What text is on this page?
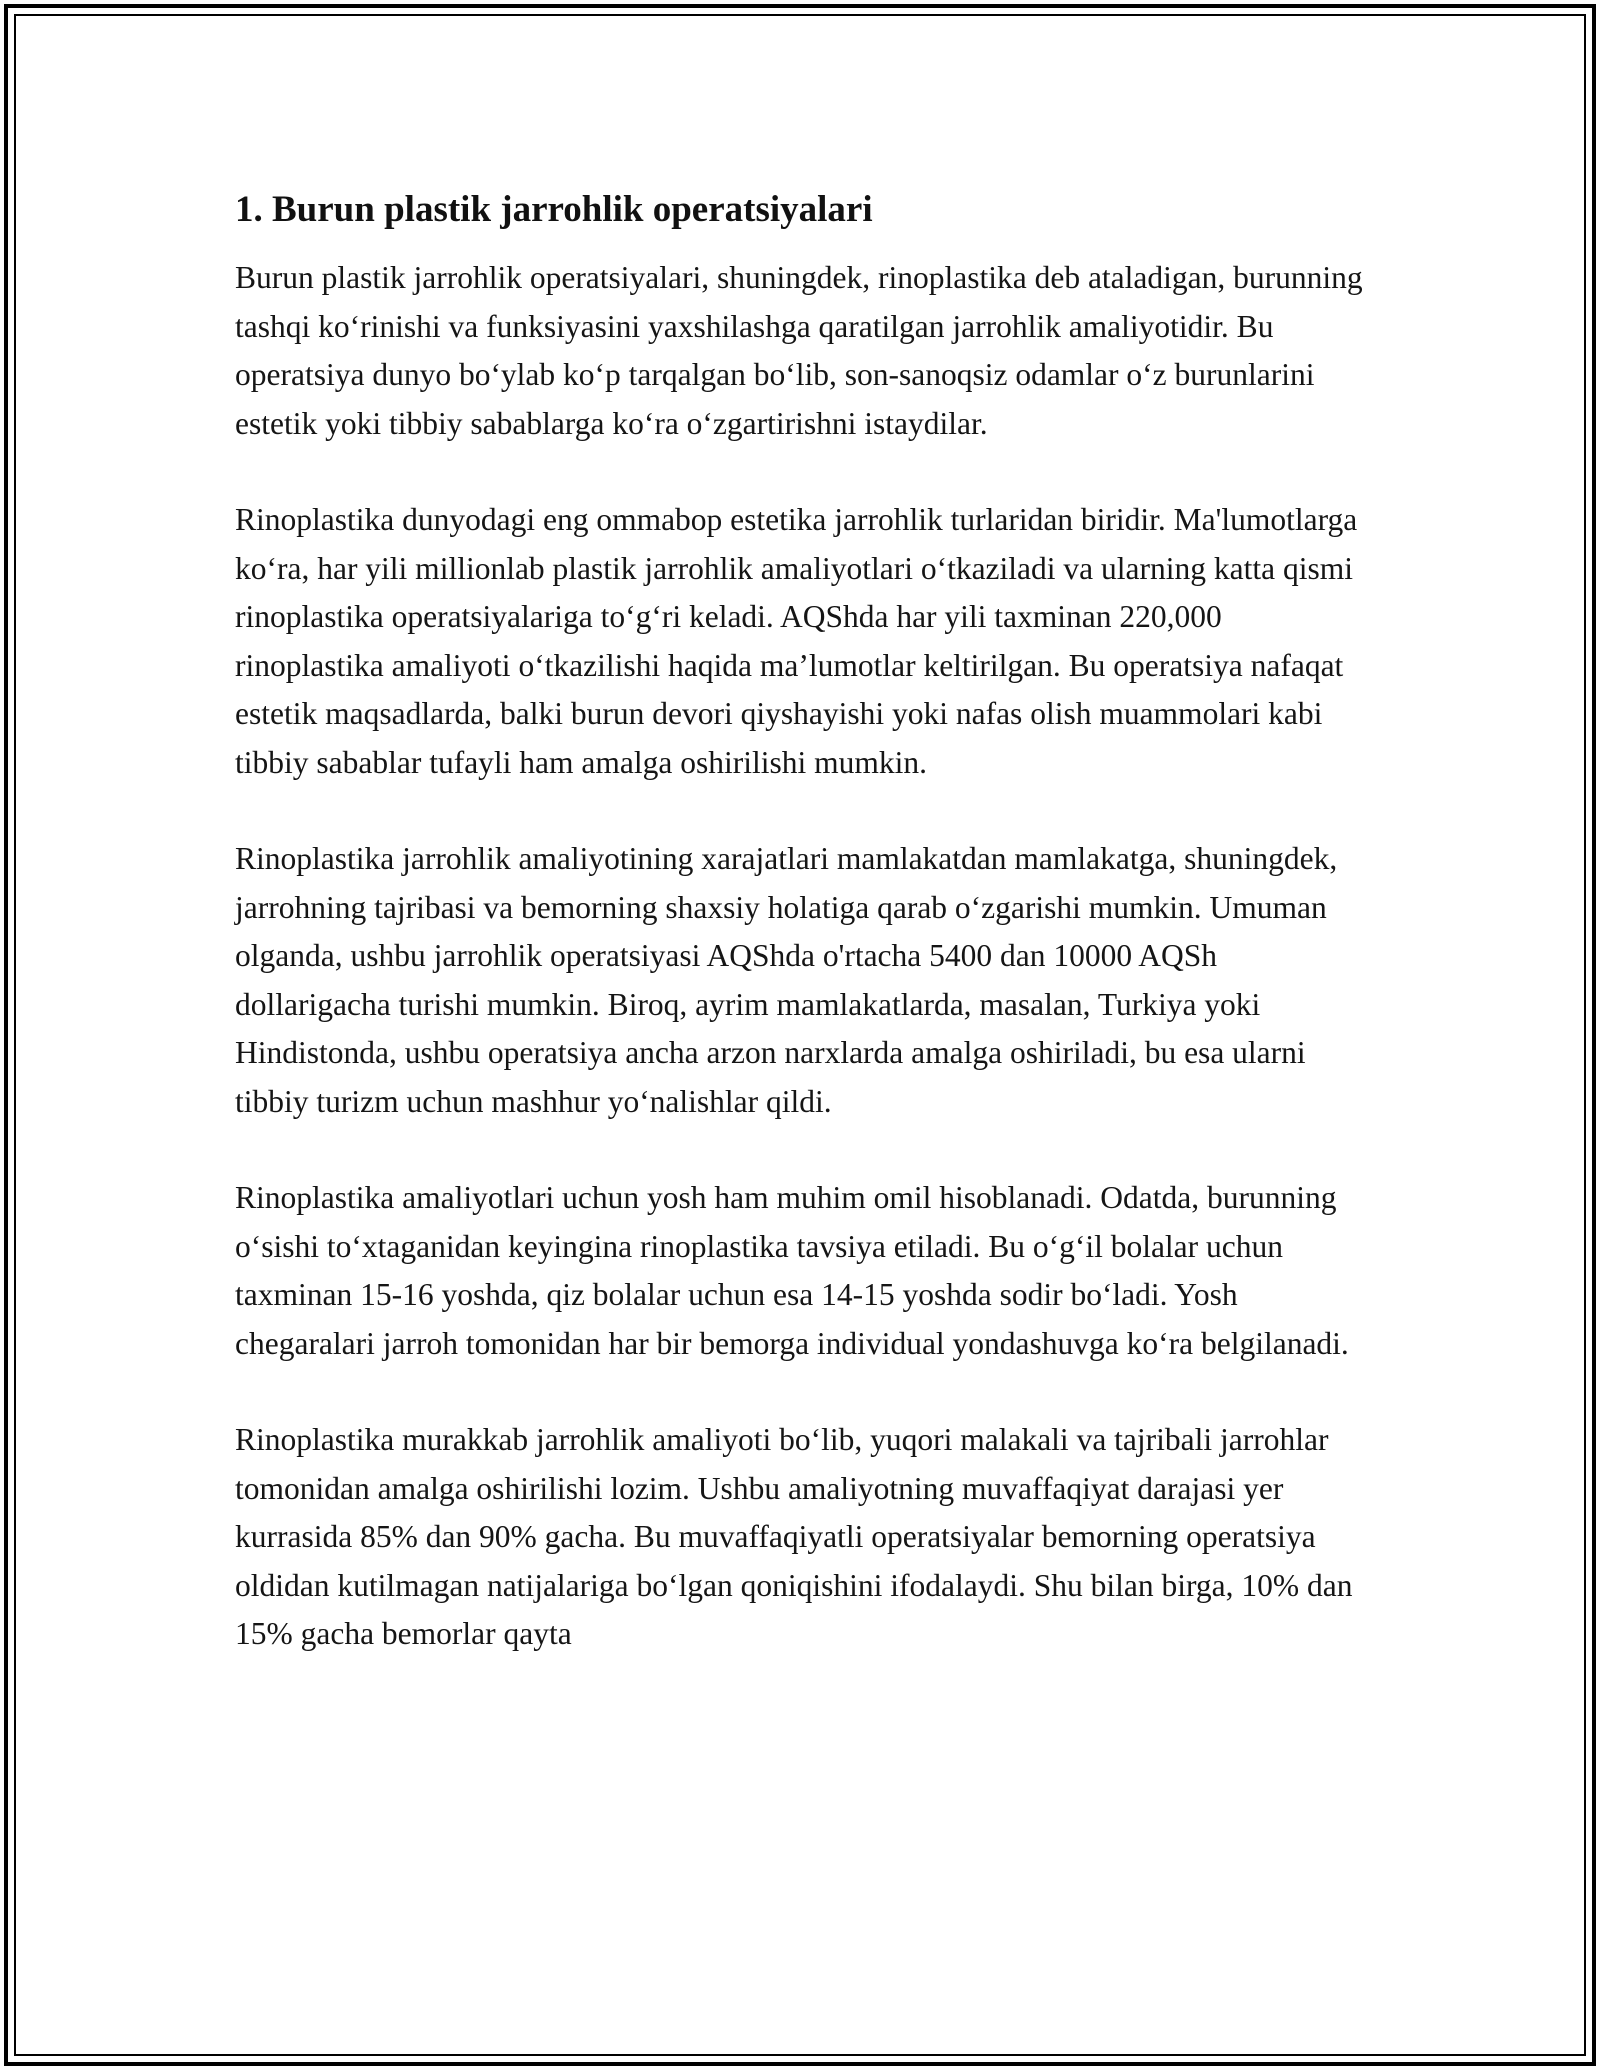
1. Burun plastik jarrohlik operatsiyalari

Burun plastik jarrohlik operatsiyalari, shuningdek, rinoplastika deb ataladigan, burunning tashqi ko‘rinishi va funksiyasini yaxshilashga qaratilgan jarrohlik amaliyotidir. Bu operatsiya dunyo bo‘ylab ko‘p tarqalgan bo‘lib, son-sanoqsiz odamlar o‘z burunlarini estetik yoki tibbiy sabablarga ko‘ra o‘zgartirishni istaydilar.

Rinoplastika dunyodagi eng ommabop estetika jarrohlik turlaridan biridir. Ma'lumotlarga ko‘ra, har yili millionlab plastik jarrohlik amaliyotlari o‘tkaziladi va ularning katta qismi rinoplastika operatsiyalariga to‘g‘ri keladi. AQShda har yili taxminan 220,000 rinoplastika amaliyoti o‘tkazilishi haqida ma’lumotlar keltirilgan. Bu operatsiya nafaqat estetik maqsadlarda, balki burun devori qiyshayishi yoki nafas olish muammolari kabi tibbiy sabablar tufayli ham amalga oshirilishi mumkin.

Rinoplastika jarrohlik amaliyotining xarajatlari mamlakatdan mamlakatga, shuningdek, jarrohning tajribasi va bemorning shaxsiy holatiga qarab o‘zgarishi mumkin. Umuman olganda, ushbu jarrohlik operatsiyasi AQShda o'rtacha 5400 dan 10000 AQSh dollarigacha turishi mumkin. Biroq, ayrim mamlakatlarda, masalan, Turkiya yoki Hindistonda, ushbu operatsiya ancha arzon narxlarda amalga oshiriladi, bu esa ularni tibbiy turizm uchun mashhur yo‘nalishlar qildi.

Rinoplastika amaliyotlari uchun yosh ham muhim omil hisoblanadi. Odatda, burunning o‘sishi to‘xtaganidan keyingina rinoplastika tavsiya etiladi. Bu o‘g‘il bolalar uchun taxminan 15-16 yoshda, qiz bolalar uchun esa 14-15 yoshda sodir bo‘ladi. Yosh chegaralari jarroh tomonidan har bir bemorga individual yondashuvga ko‘ra belgilanadi.

Rinoplastika murakkab jarrohlik amaliyoti bo‘lib, yuqori malakali va tajribali jarrohlar tomonidan amalga oshirilishi lozim. Ushbu amaliyotning muvaffaqiyat darajasi yer kurrasida 85% dan 90% gacha. Bu muvaffaqiyatli operatsiyalar bemorning operatsiya oldidan kutilmagan natijalariga bo‘lgan qoniqishini ifodalaydi. Shu bilan birga, 10% dan 15% gacha bemorlar qayta
